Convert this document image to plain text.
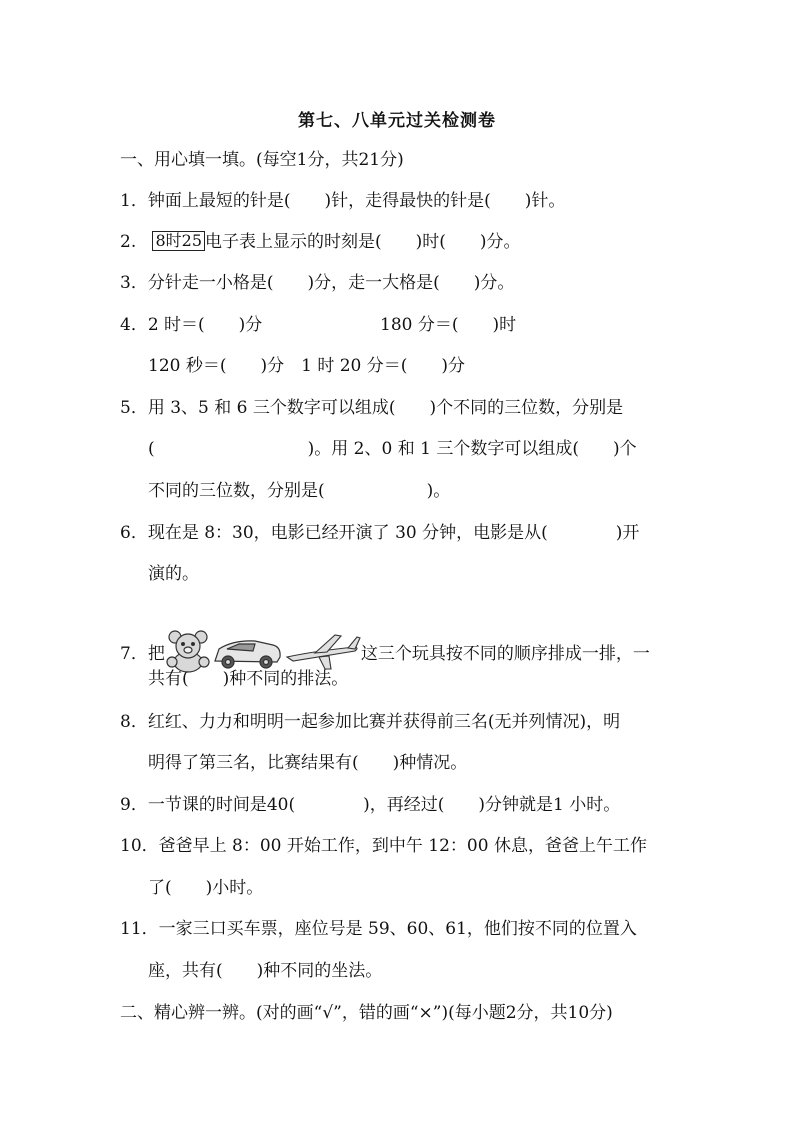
第七、八单元过关检测卷
一、用心填一填。(每空1分，共21分)
1．钟面上最短的针是(　　)针，走得最快的针是(　　)针。
2. 8时25 电子表上显示的时刻是(　　)时(　　)分。
3．分针走一小格是(　　)分，走一大格是(　　)分。
4．2 时＝(　　)分	180 分＝(　　)时
120 秒＝(　　)分　1 时 20 分＝(　　)分
5．用 3、5 和 6 三个数字可以组成(　　)个不同的三位数，分别是
(　　　　　　　　　)。用 2、0 和 1 三个数字可以组成(　　)个
不同的三位数，分别是(　　　　　　)。
6．现在是 8：30，电影已经开演了 30 分钟，电影是从(　　　　)开
演的。
7．把	这三个玩具按不同的顺序排成一排，一
共有(　　)种不同的排法。
8．红红、力力和明明一起参加比赛并获得前三名(无并列情况)，明
明得了第三名，比赛结果有(　　)种情况。
9．一节课的时间是40(　　　　)，再经过(　　)分钟就是1 小时。
10．爸爸早上 8：00 开始工作，到中午 12：00 休息，爸爸上午工作
了(　　)小时。
11．一家三口买车票，座位号是 59、60、61，他们按不同的位置入
座，共有(　　)种不同的坐法。
二、精心辨一辨。(对的画“√”，错的画“×”)(每小题2分，共10分)
